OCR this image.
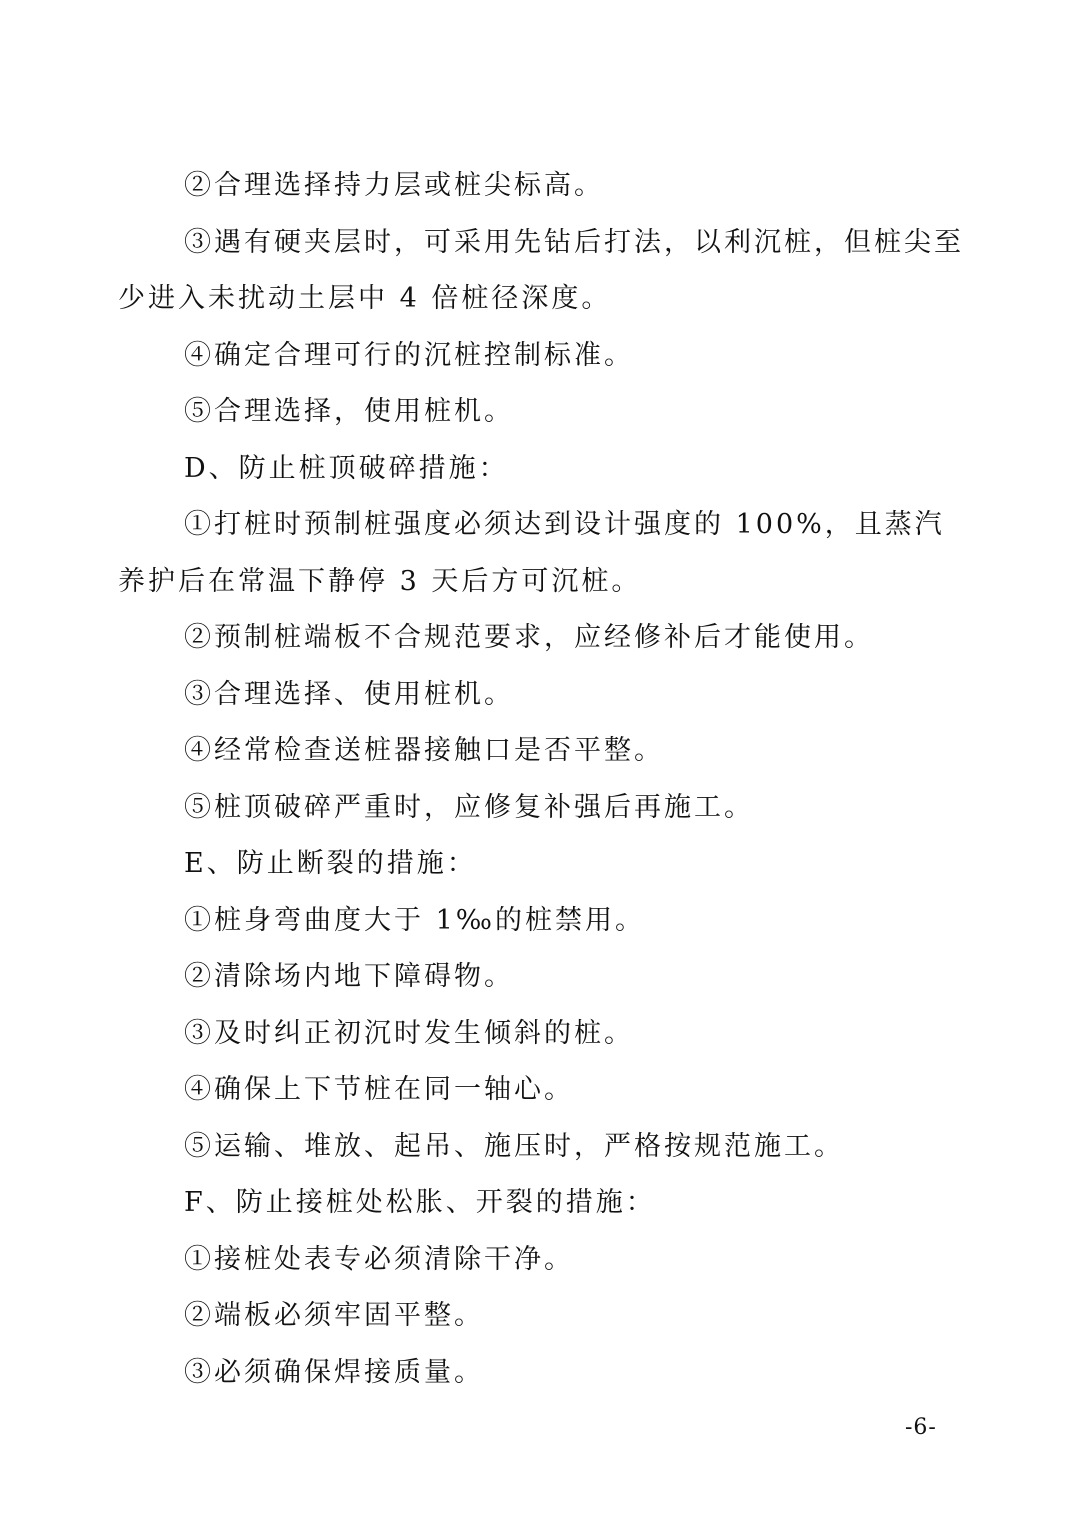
②合理选择持力层或桩尖标高。

③遇有硬夹层时，可采用先钻后打法，以利沉桩，但桩尖至少进入未扰动土层中 4 倍桩径深度。

④确定合理可行的沉桩控制标准。

⑤合理选择，使用桩机。

D、防止桩顶破碎措施：

①打桩时预制桩强度必须达到设计强度的 100%，且蒸汽养护后在常温下静停 3 天后方可沉桩。

②预制桩端板不合规范要求，应经修补后才能使用。

③合理选择、使用桩机。

④经常检查送桩器接触口是否平整。

⑤桩顶破碎严重时，应修复补强后再施工。

E、防止断裂的措施：

①桩身弯曲度大于 1‰的桩禁用。

②清除场内地下障碍物。

③及时纠正初沉时发生倾斜的桩。

④确保上下节桩在同一轴心。

⑤运输、堆放、起吊、施压时，严格按规范施工。

F、防止接桩处松胀、开裂的措施：

①接桩处表专必须清除干净。

②端板必须牢固平整。

③必须确保焊接质量。

-6-
